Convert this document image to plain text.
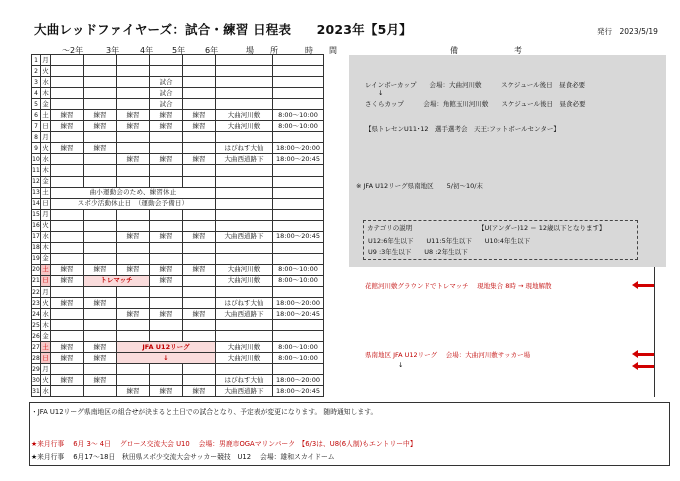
大曲レッドファイヤーズ：試合・練習 日程表　　2023年【5月】	発行　2023/5/19
～2年	3年	4年 5年 6年	場　　所	時　　間	備　　　　　　　考
1	月								
2	火								
3	水				試合				
4	木				試合				
5	金				試合				
6	土	練習	練習	練習	練習	練習	大曲河川敷	8:00～10:00	
7	日	練習	練習	練習	練習	練習	大曲河川敷	8:00～10:00	
8	月								
9	火	練習	練習				はぴねす大仙	18:00～20:00	
10	水			練習	練習	練習	大曲西道路下	18:00～20:45	
11	木								
12	金								
13	土	曲小運動会のため、練習休止							
14	日	スポ少活動休止日　（運動会予備日）							
15	月								
16	火								
17	水			練習	練習	練習	大曲西道路下	18:00～20:45	
18	木								
19	金								
20	土	練習	練習	練習	練習	練習	大曲河川敷	8:00～10:00	
21	日	練習	トレマッチ		練習		大曲河川敷	8:00～10:00	
22	月								
23	火	練習	練習				はぴねす大仙	18:00～20:00	
24	水			練習	練習	練習	大曲西道路下	18:00～20:45	
25	木								
26	金								
27	土	練習	練習	JFA U12リーグ			大曲河川敷	8:00～10:00	
28	日	練習	練習	↓			大曲河川敷	8:00～10:00	
29	月								
30	火	練習	練習				はぴねす大仙	18:00～20:00	
31	水			練習	練習	練習	大曲西道路下	18:00～20:45	
レインボーカップ　　会場：大曲河川敷　　　スケジュール後日　昼食必要
↓
さくらカップ　　　会場：角館玉川河川敷　　スケジュール後日　昼食必要
【県トレセンU11･12　選手選考会　天王:フットボールセンター】
※ JFA U12リーグ県南地区　　5/初～10/末
カテゴリの説明	【U(アンダー)12 ＝ 12歳以下となります】
U12:6年生以下　　U11:5年生以下　　U10:4年生以下
U9 :3年生以下　　U8 :2年生以下
花館河川敷グラウンドでトレマッチ　 現地集合 8時 → 現地解散
県南地区 JFA U12リーグ　 会場：大曲河川敷サッカー場
↓
・JFA U12リーグ県南地区の組合せが決まると土日での試合となり、予定表が変更になります。 随時通知します。
★来月行事　 6月 3～ 4日　 グロース交流大会 U10　 会場：男鹿市OGAマリンパーク　【6/3は、U8(6人制)もエントリー中】
★来月行事　 6月17～18日　秋田県スポ少交流大会サッカー競技　U12　 会場：雄和スカイドーム
